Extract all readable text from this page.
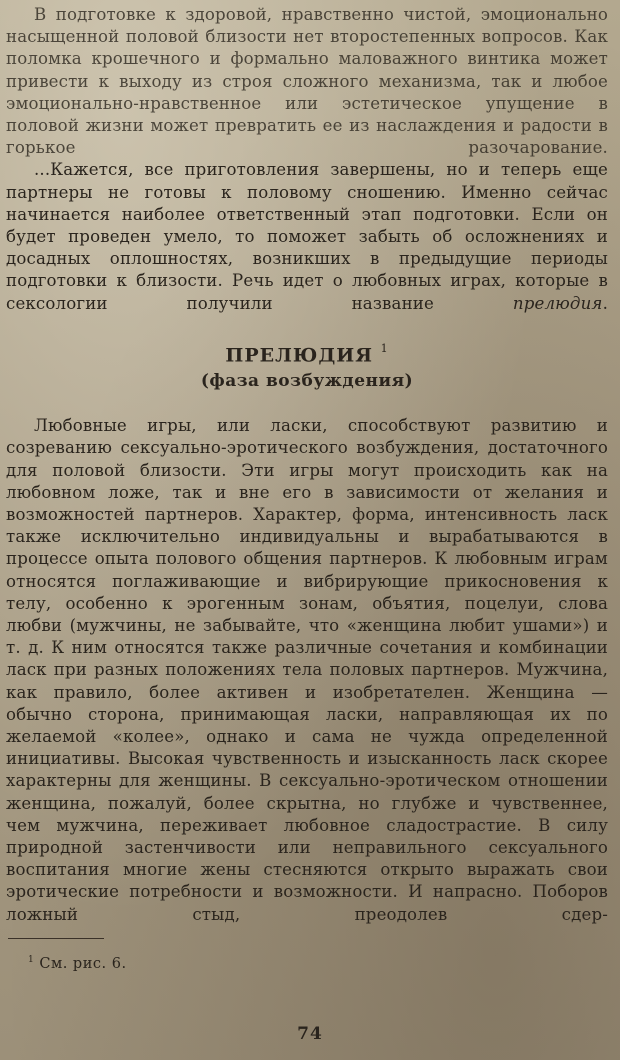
В подготовке к здоровой, нравственно чистой, эмоционально насыщенной половой близости нет второстепенных вопросов. Как поломка крошечного и формально маловажного винтика может привести к выходу из строя сложного механизма, так и любое эмоционально-нравственное или эстетическое упущение в половой жизни может превратить ее из наслаждения и радости в горькое разочарование.

...Кажется, все приготовления завершены, но и теперь еще партнеры не готовы к половому сношению. Именно сейчас начинается наиболее ответственный этап подготовки. Если он будет проведен умело, то поможет забыть об осложнениях и досадных оплошностях, возникших в предыдущие периоды подготовки к близости. Речь идет о любовных играх, которые в сексологии получили название	прелюдия.

ПРЕЛЮДИЯ $^1$
(фаза возбуждения)

Любовные игры, или ласки, способствуют развитию и созреванию сексуально-эротического возбуждения, достаточного для половой близости. Эти игры могут происходить как на любовном ложе, так и вне его в зависимости от желания и возможностей партнеров. Характер, форма, интенсивность ласк также исключительно индивидуальны и вырабатываются в процессе опыта полового общения партнеров. К любовным играм относятся поглаживающие и вибрирующие прикосновения к телу, особенно к эрогенным зонам, объятия, поцелуи, слова любви (мужчины, не забывайте, что «женщина любит ушами») и т. д. К ним относятся также различные сочетания и комбинации ласк при разных положениях тела половых партнеров. Мужчина, как правило, более активен и изобретателен. Женщина — обычно сторона, принимающая ласки, направляющая их по желаемой «колее», однако и сама не чужда определенной инициативы. Высокая чувственность и изысканность ласк скорее характерны для женщины. В сексуально-эротическом отношении женщина, пожалуй, более скрытна, но глубже и чувственнее, чем мужчина, переживает любовное сладострастие. В силу природной застенчивости или неправильного сексуального воспитания многие жены стесняются открыто выражать свои эротические потребности и возможности. И напрасно. Поборов ложный стыд, преодолев сдер-

$^1$ См. рис. 6.
74
